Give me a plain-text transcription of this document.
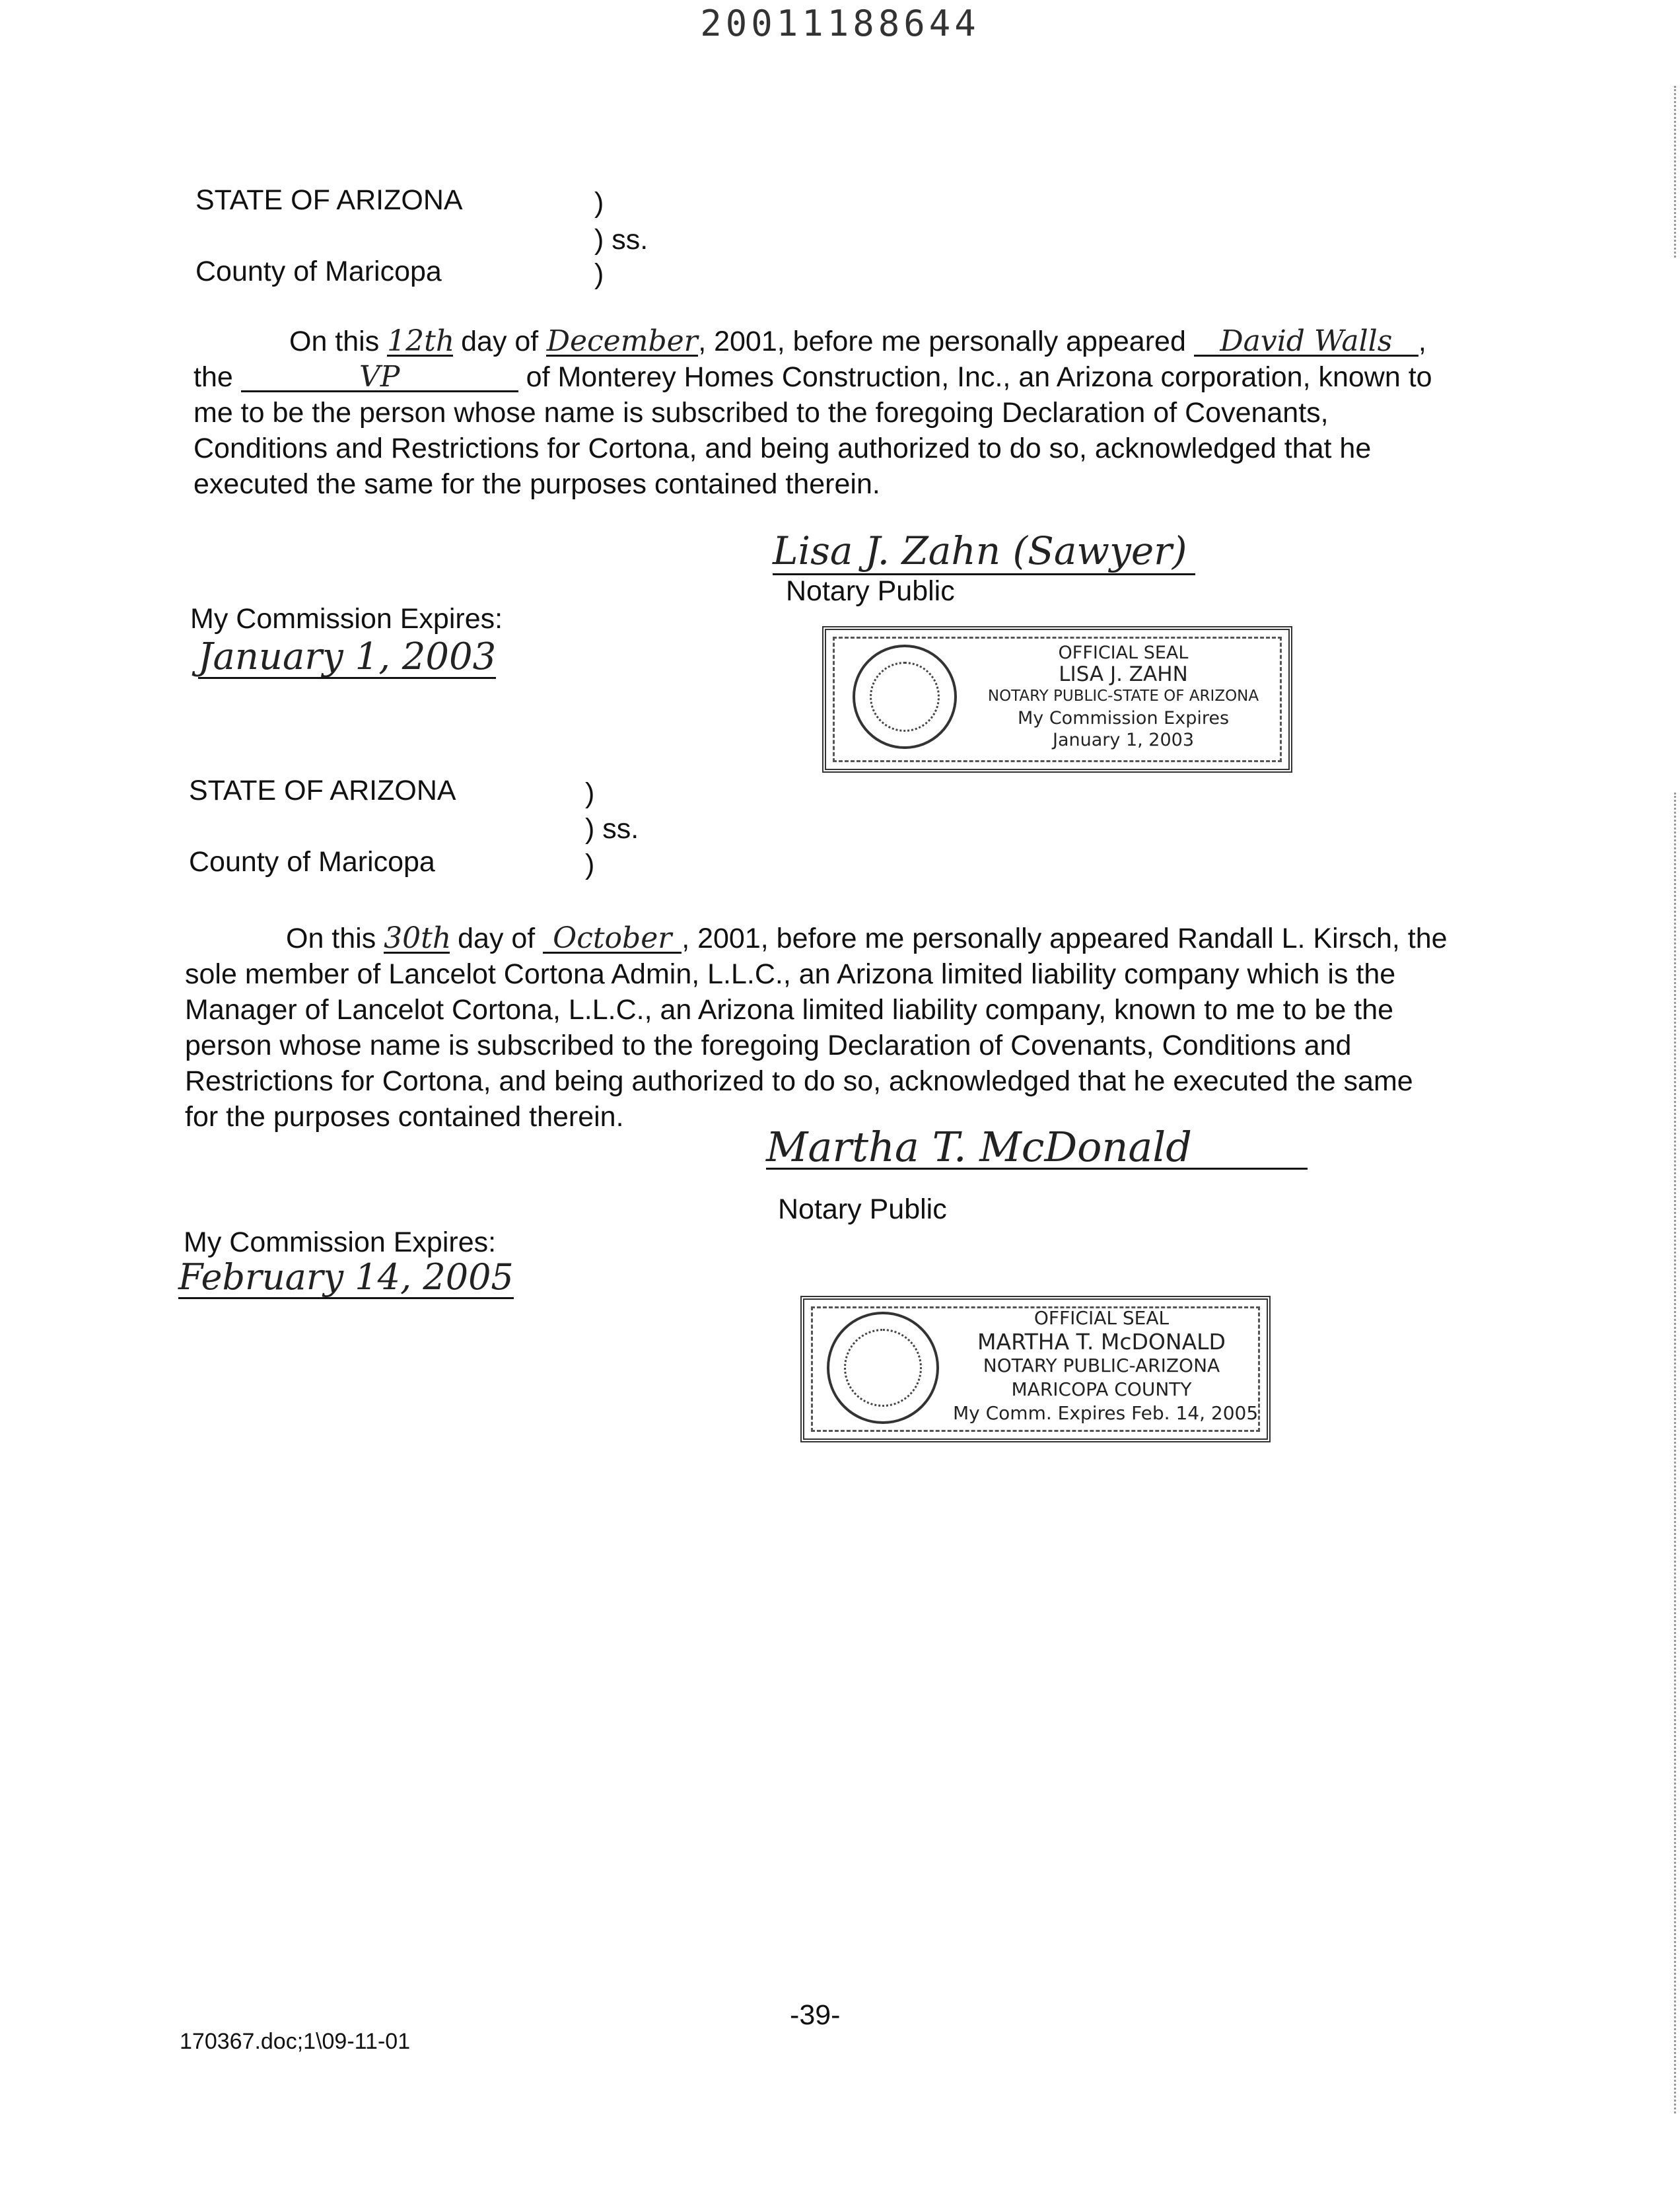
20011188644
STATE OF ARIZONA	)
) ss.
County of Maricopa	)
On this 12th day of December, 2001, before me personally appeared David Walls ,
the	VP	of Monterey Homes Construction, Inc., an Arizona corporation, known to
me to be the person whose name is subscribed to the foregoing Declaration of Covenants,
Conditions and Restrictions for Cortona, and being authorized to do so, acknowledged that he
executed the same for the purposes contained therein.
Lisa J. Zahn (Sawyer)
Notary Public
My Commission Expires:
January 1, 2003	OFFICIAL SEAL
LISA J. ZAHN
NOTARY PUBLIC-STATE OF ARIZONA
My Commission Expires
January 1, 2003
STATE OF ARIZONA	)
) ss.
County of Maricopa	)
On this 30th day of October , 2001, before me personally appeared Randall L. Kirsch, the
sole member of Lancelot Cortona Admin, L.L.C., an Arizona limited liability company which is the
Manager of Lancelot Cortona, L.L.C., an Arizona limited liability company, known to me to be the
person whose name is subscribed to the foregoing Declaration of Covenants, Conditions and
Restrictions for Cortona, and being authorized to do so, acknowledged that he executed the same
for the purposes contained therein.
Martha T. McDonald
Notary Public
My Commission Expires:
February 14, 2005
OFFICIAL SEAL
MARTHA T. McDONALD
NOTARY PUBLIC-ARIZONA
MARICOPA COUNTY
My Comm. Expires Feb. 14, 2005
-39-
170367.doc;1\09-11-01
